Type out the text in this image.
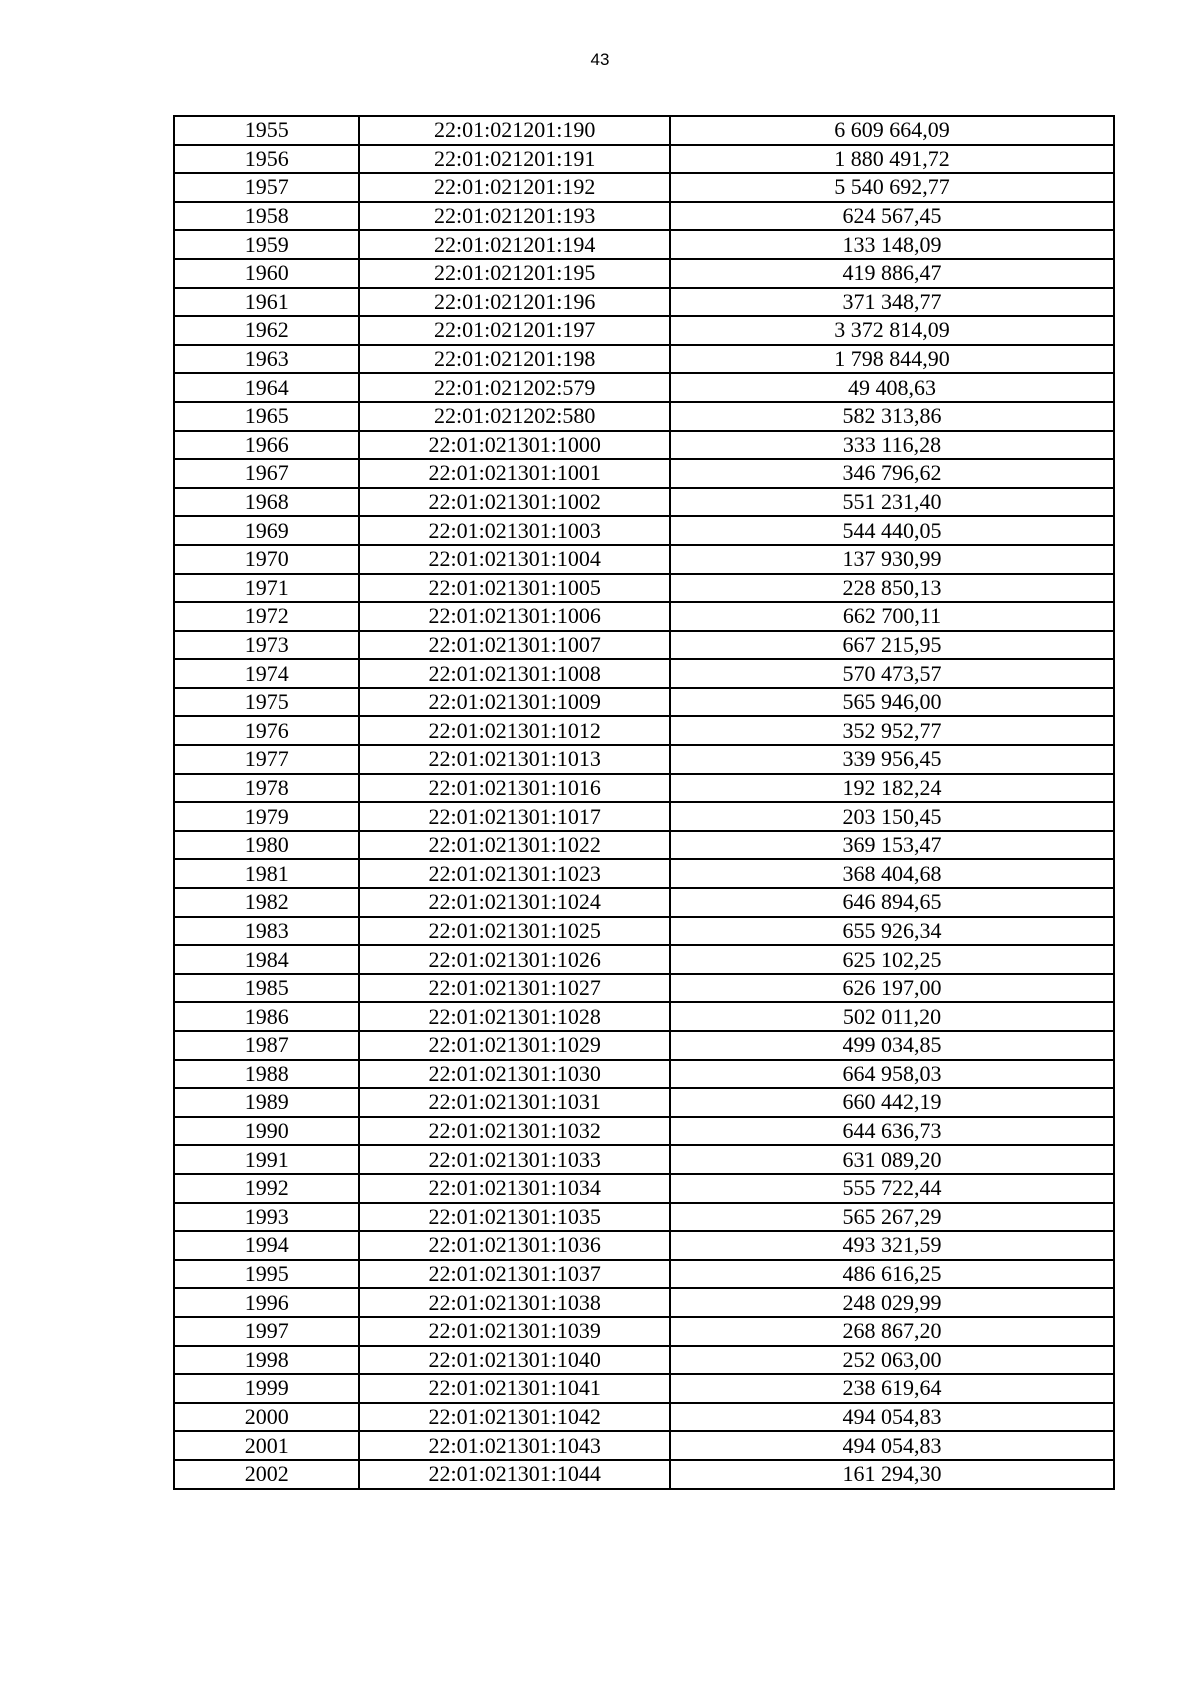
43
1955	22:01:021201:190	6 609 664,09
1956	22:01:021201:191	1 880 491,72
1957	22:01:021201:192	5 540 692,77
1958	22:01:021201:193	624 567,45
1959	22:01:021201:194	133 148,09
1960	22:01:021201:195	419 886,47
1961	22:01:021201:196	371 348,77
1962	22:01:021201:197	3 372 814,09
1963	22:01:021201:198	1 798 844,90
1964	22:01:021202:579	49 408,63
1965	22:01:021202:580	582 313,86
1966	22:01:021301:1000	333 116,28
1967	22:01:021301:1001	346 796,62
1968	22:01:021301:1002	551 231,40
1969	22:01:021301:1003	544 440,05
1970	22:01:021301:1004	137 930,99
1971	22:01:021301:1005	228 850,13
1972	22:01:021301:1006	662 700,11
1973	22:01:021301:1007	667 215,95
1974	22:01:021301:1008	570 473,57
1975	22:01:021301:1009	565 946,00
1976	22:01:021301:1012	352 952,77
1977	22:01:021301:1013	339 956,45
1978	22:01:021301:1016	192 182,24
1979	22:01:021301:1017	203 150,45
1980	22:01:021301:1022	369 153,47
1981	22:01:021301:1023	368 404,68
1982	22:01:021301:1024	646 894,65
1983	22:01:021301:1025	655 926,34
1984	22:01:021301:1026	625 102,25
1985	22:01:021301:1027	626 197,00
1986	22:01:021301:1028	502 011,20
1987	22:01:021301:1029	499 034,85
1988	22:01:021301:1030	664 958,03
1989	22:01:021301:1031	660 442,19
1990	22:01:021301:1032	644 636,73
1991	22:01:021301:1033	631 089,20
1992	22:01:021301:1034	555 722,44
1993	22:01:021301:1035	565 267,29
1994	22:01:021301:1036	493 321,59
1995	22:01:021301:1037	486 616,25
1996	22:01:021301:1038	248 029,99
1997	22:01:021301:1039	268 867,20
1998	22:01:021301:1040	252 063,00
1999	22:01:021301:1041	238 619,64
2000	22:01:021301:1042	494 054,83
2001	22:01:021301:1043	494 054,83
2002	22:01:021301:1044	161 294,30
